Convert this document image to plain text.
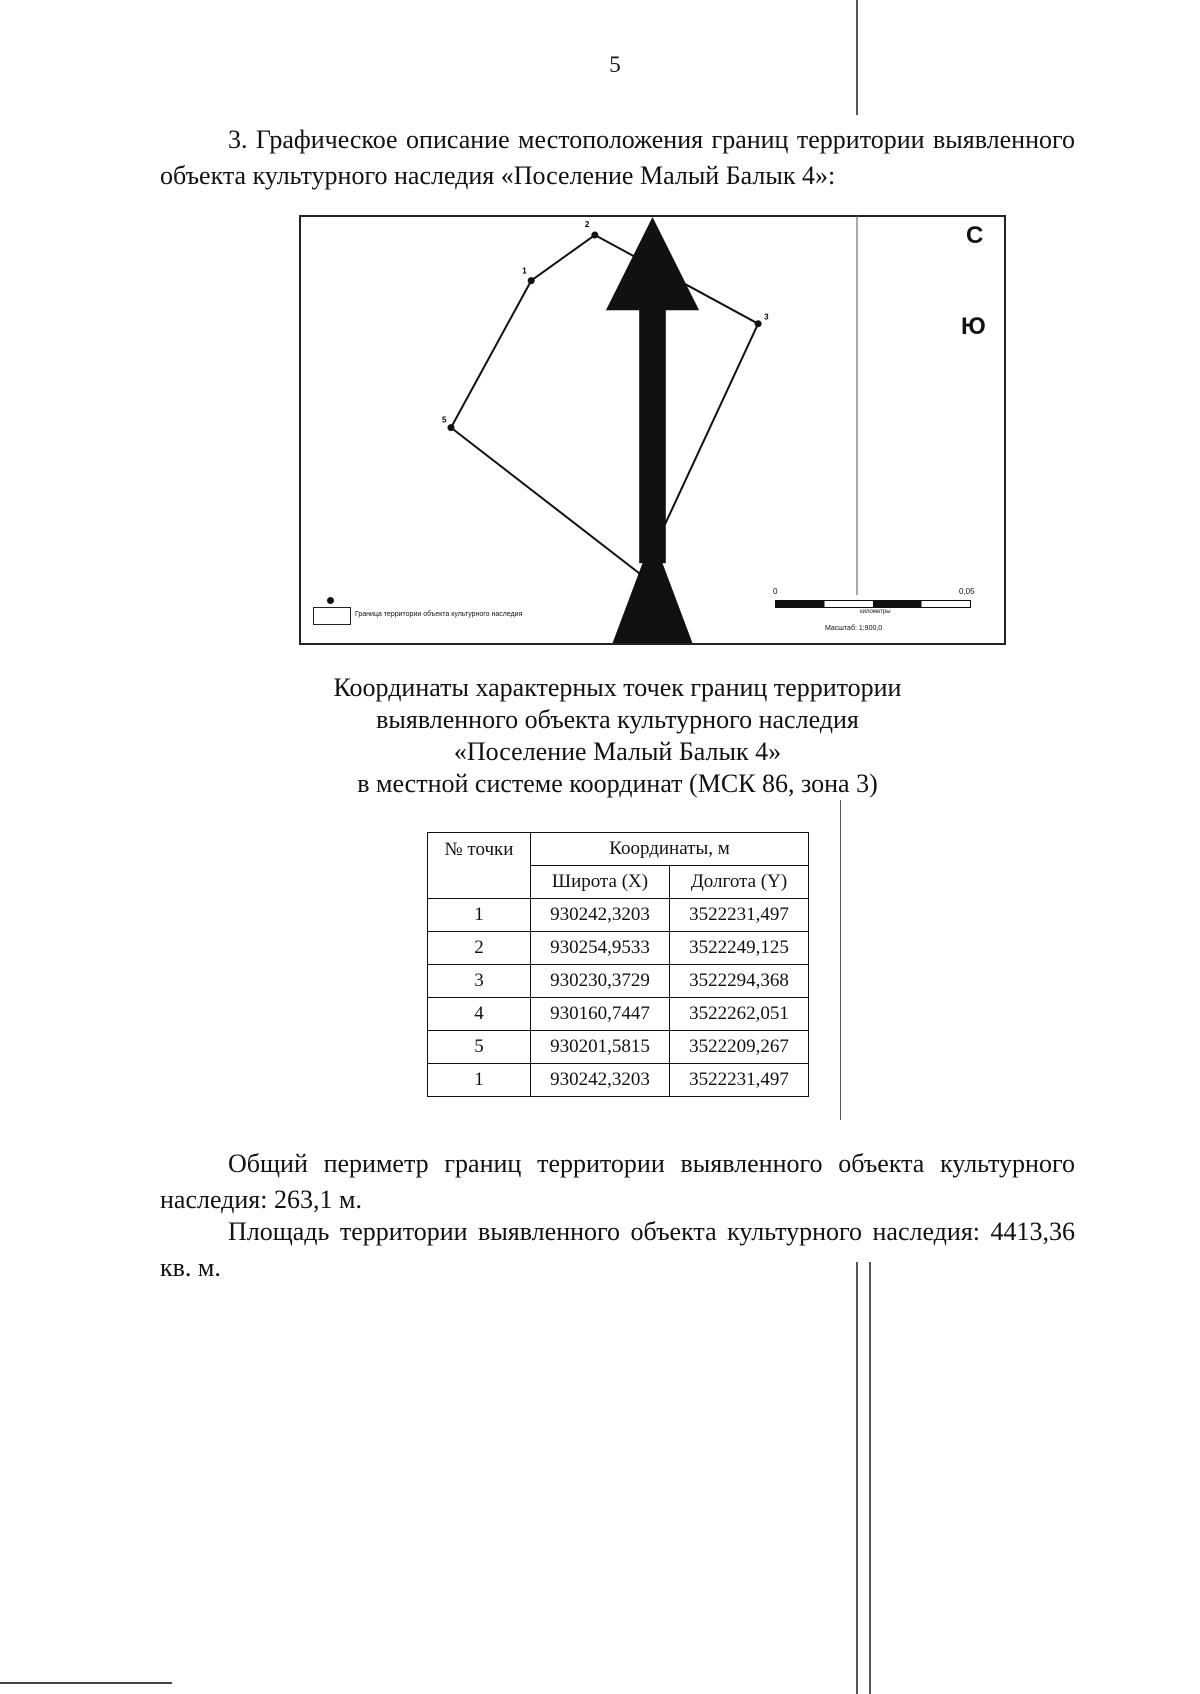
5
3. Графическое описание местоположения границ территории выявленного объекта культурного наследия «Поселение Малый Балык 4»:
1
2
3
5
С
Ю
Граница территории объекта культурного наследия
0	0,05
километры
Масштаб: 1:900,0
Координаты характерных точек границ территории
выявленного объекта культурного наследия
«Поселение Малый Балык 4»
в местной системе координат (МСК 86, зона 3)
№ точки	Координаты, м	
	Широта (X)	Долгота (Y)
1	930242,3203	3522231,497
2	930254,9533	3522249,125
3	930230,3729	3522294,368
4	930160,7447	3522262,051
5	930201,5815	3522209,267
1	930242,3203	3522231,497
Общий периметр границ территории выявленного объекта культурного наследия: 263,1 м.
Площадь территории выявленного объекта культурного наследия: 4413,36 кв. м.
